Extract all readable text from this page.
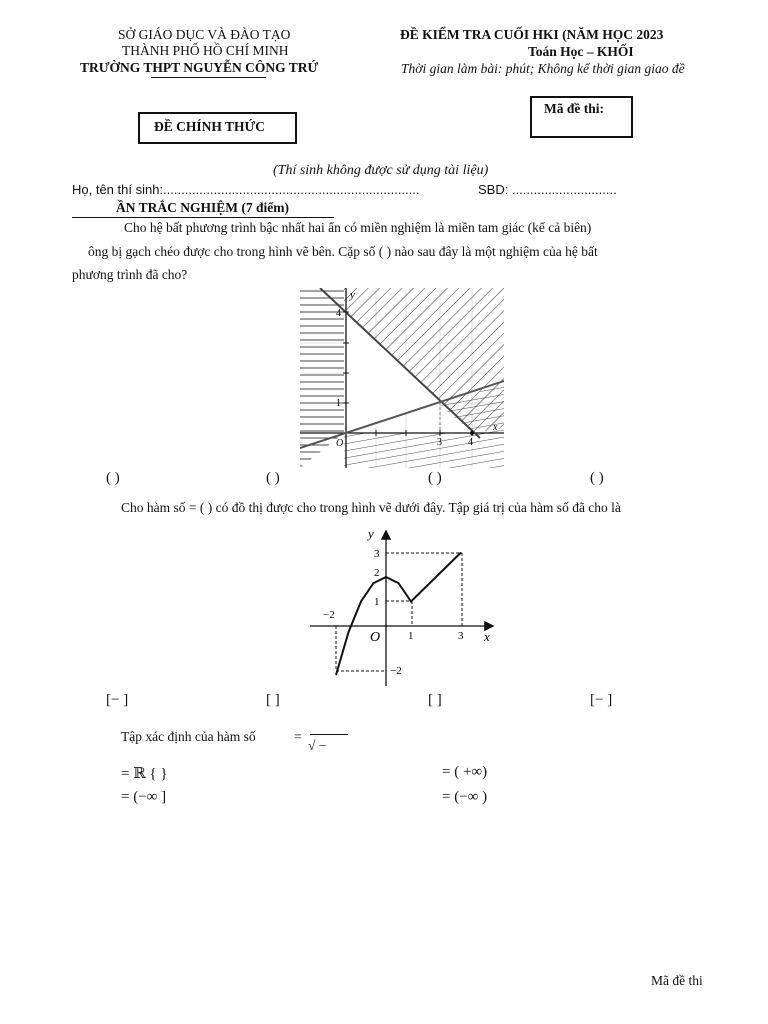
SỞ GIÁO DỤC VÀ ĐÀO TẠO
THÀNH PHỐ HỒ CHÍ MINH
TRƯỜNG THPT NGUYỄN CÔNG TRỨ
ĐỀ KIỂM TRA CUỐI HKI (NĂM HỌC 2023
Toán Học – KHỐI
Thời gian làm bài: phút; Không kể thời gian giao đề
ĐỀ CHÍNH THỨC
Mã đề thi:
(Thí sinh không được sử dụng tài liệu)
Họ, tên thí sinh:.......................................................................	SBD: .............................
ẦN TRẮC NGHIỆM (7 điểm)
Cho hệ bất phương trình bậc nhất hai ẩn có miền nghiệm là miền tam giác (kể cả biên)
ông bị gạch chéo được cho trong hình vẽ bên. Cặp số ( ) nào sau đây là một nghiệm của hệ bất
phương trình đã cho?
y
4
1
O	3	4
x
( )	( )	( )	( )
Cho hàm số = ( ) có đồ thị được cho trong hình vẽ dưới đây. Tập giá trị của hàm số đã cho là
y
x
O
3
2
1
−2
−2
1	3
[− ]	[ ]	[ ]	[− ]
Tập xác định của hàm số	=
√ −
= ℝ { }	= ( +∞)
= (−∞ ]	= (−∞ )
Mã đề thi
